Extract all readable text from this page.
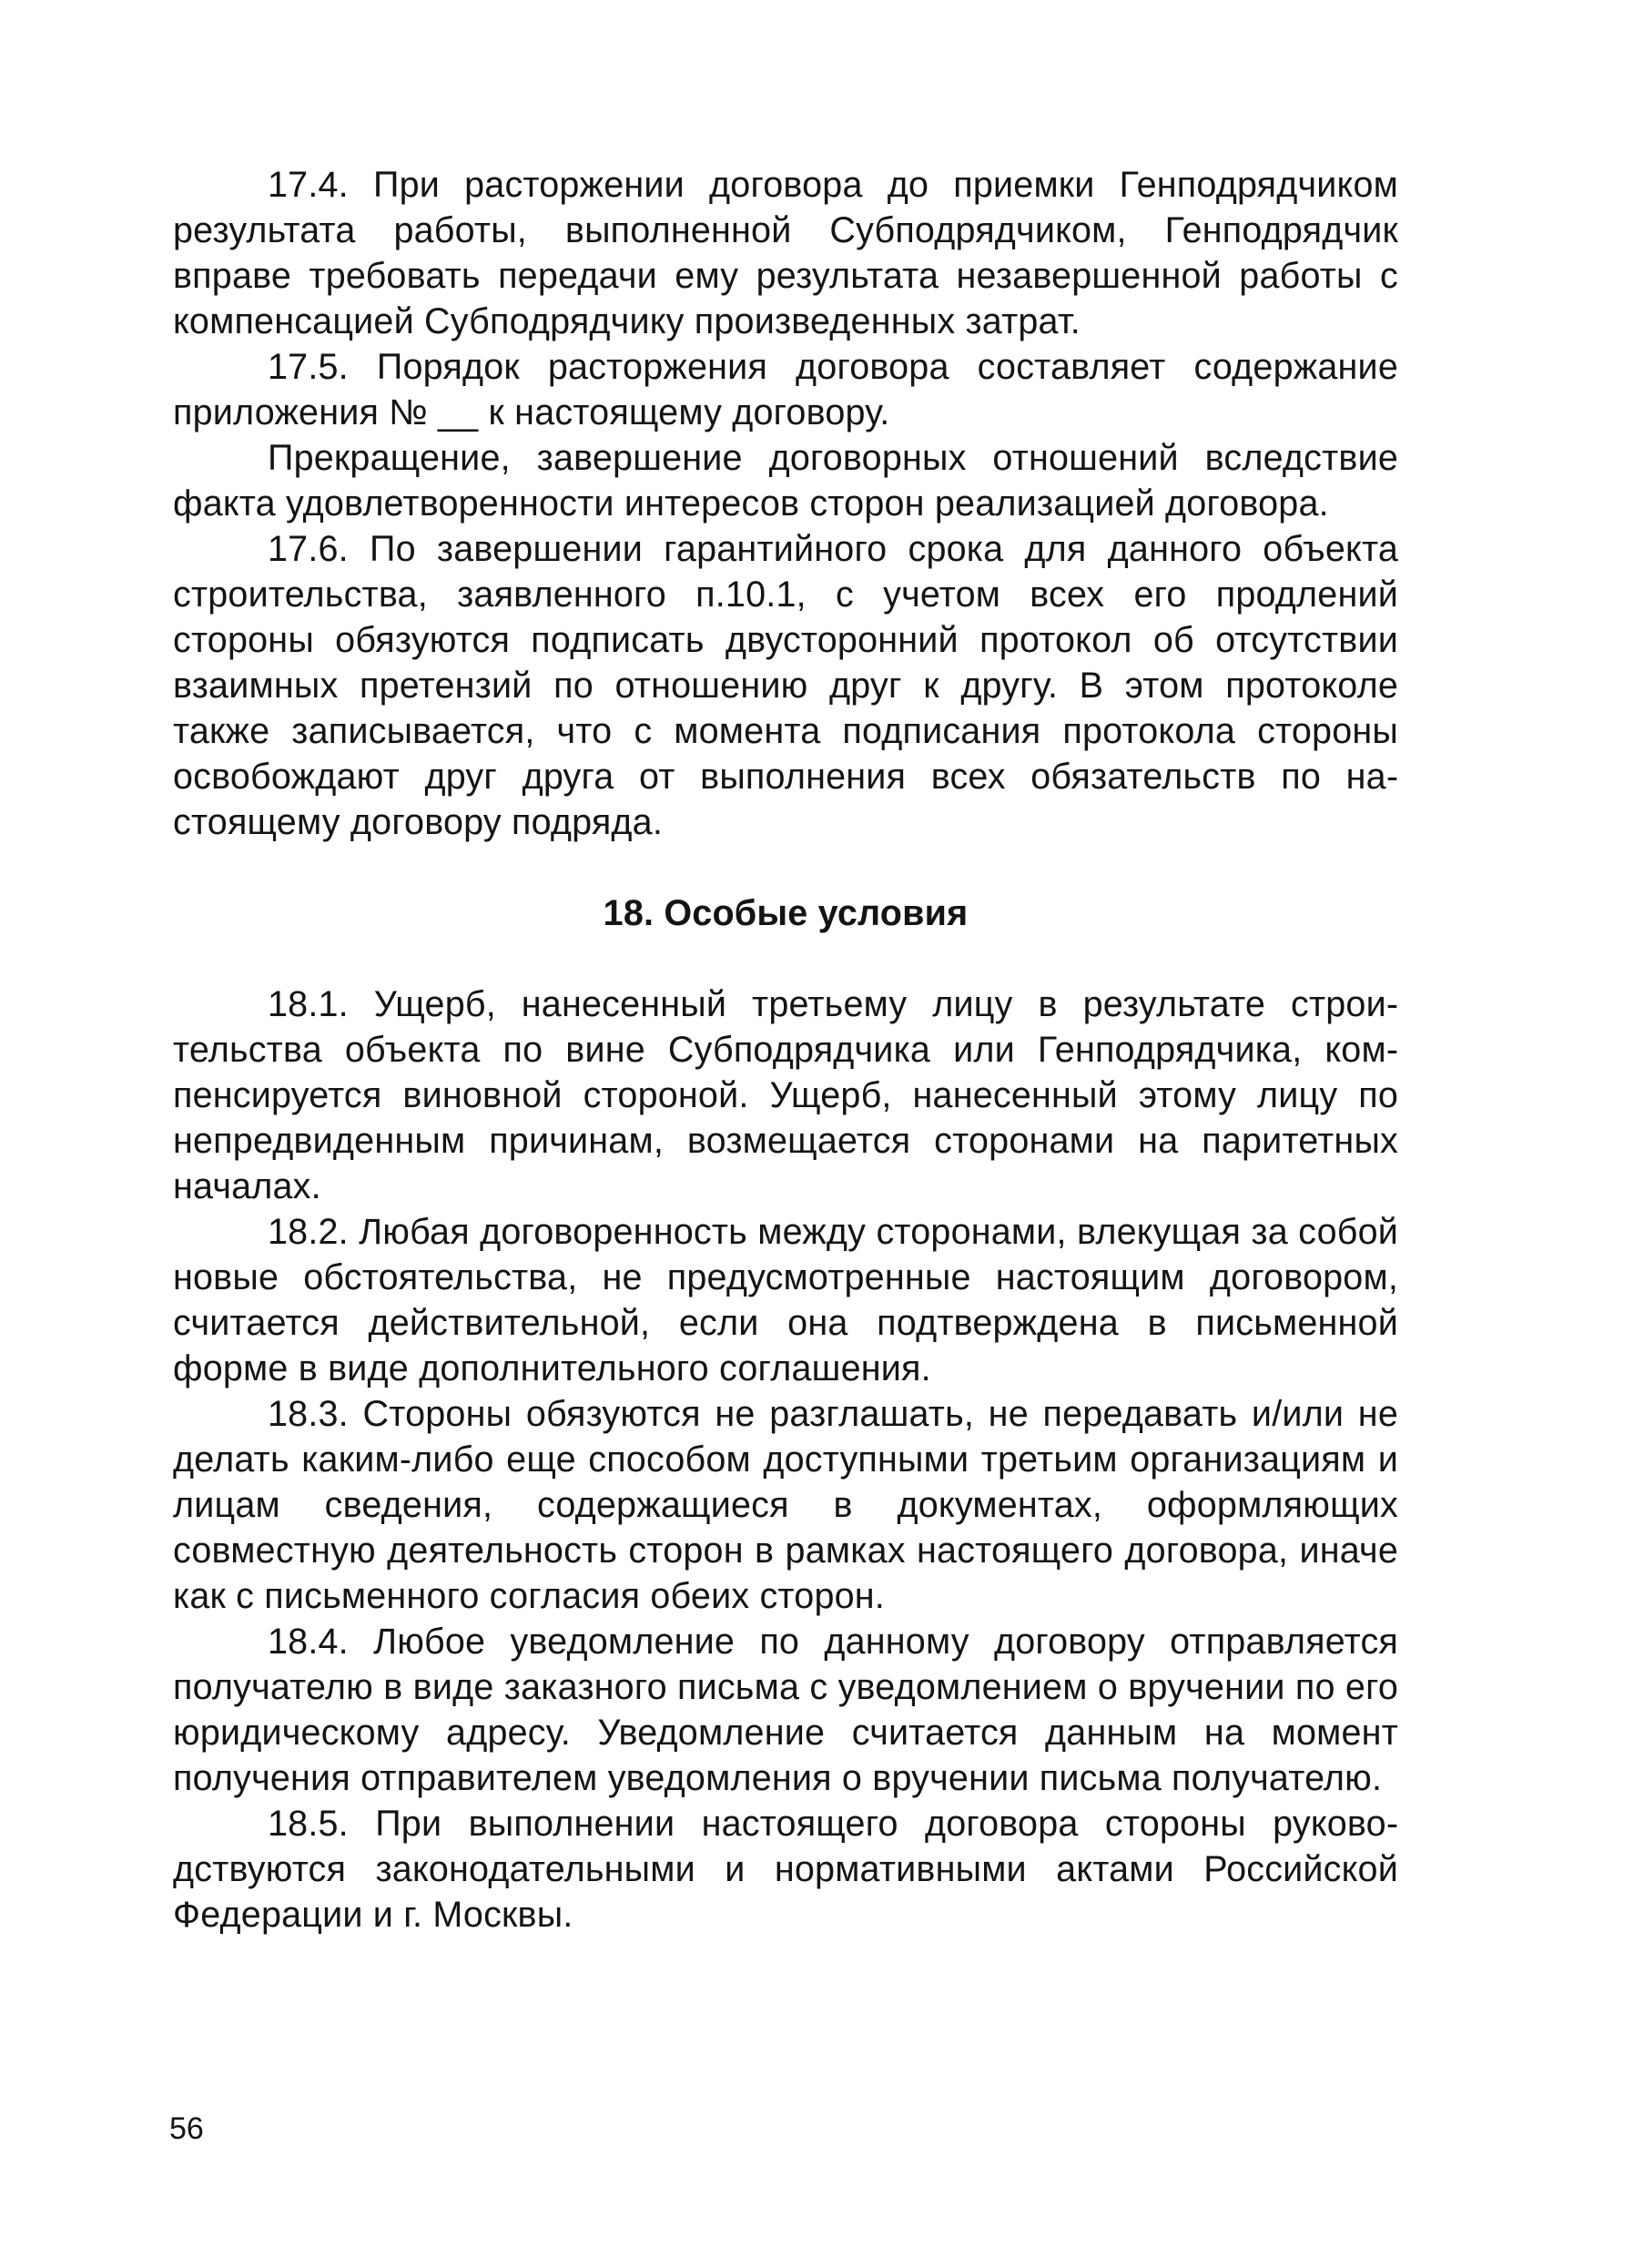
17.4. При расторжении договора до приемки Генподрядчиком результата работы, выполненной Субподрядчиком, Генподрядчик вправе требовать передачи ему результата незавершенной работы с компенсацией Субподрядчику произведенных затрат.

17.5. Порядок расторжения договора составляет содержание приложения № __ к настоящему договору.

Прекращение, завершение договорных отношений вследствие факта удовлетворенности интересов сторон реализацией договора.

17.6. По завершении гарантийного срока для данного объекта строительства, заявленного п.10.1, с учетом всех его продлений стороны обязуются подписать двусторонний протокол об отсутствии взаимных претензий по отношению друг к другу. В этом протоколе также записывается, что с момента подписания протокола стороны освобождают друг друга от выполнения всех обязательств по настоящему договору подряда.

18. Особые условия

18.1. Ущерб, нанесенный третьему лицу в результате строительства объекта по вине Субподрядчика или Генподрядчика, компенсируется виновной стороной. Ущерб, нанесенный этому лицу по непредвиденным причинам, возмещается сторонами на паритетных началах.

18.2. Любая договоренность между сторонами, влекущая за собой новые обстоятельства, не предусмотренные настоящим договором, считается действительной, если она подтверждена в письменной форме в виде дополнительного соглашения.

18.3. Стороны обязуются не разглашать, не передавать и/или не делать каким-либо еще способом доступными третьим организациям и лицам сведения, содержащиеся в документах, оформляющих совместную деятельность сторон в рамках настоящего договора, иначе как с письменного согласия обеих сторон.

18.4. Любое уведомление по данному договору отправляется получателю в виде заказного письма с уведомлением о вручении по его юридическому адресу. Уведомление считается данным на момент получения отправителем уведомления о вручении письма получателю.

18.5. При выполнении настоящего договора стороны руководствуются законодательными и нормативными актами Российской Федерации и г. Москвы.

56
